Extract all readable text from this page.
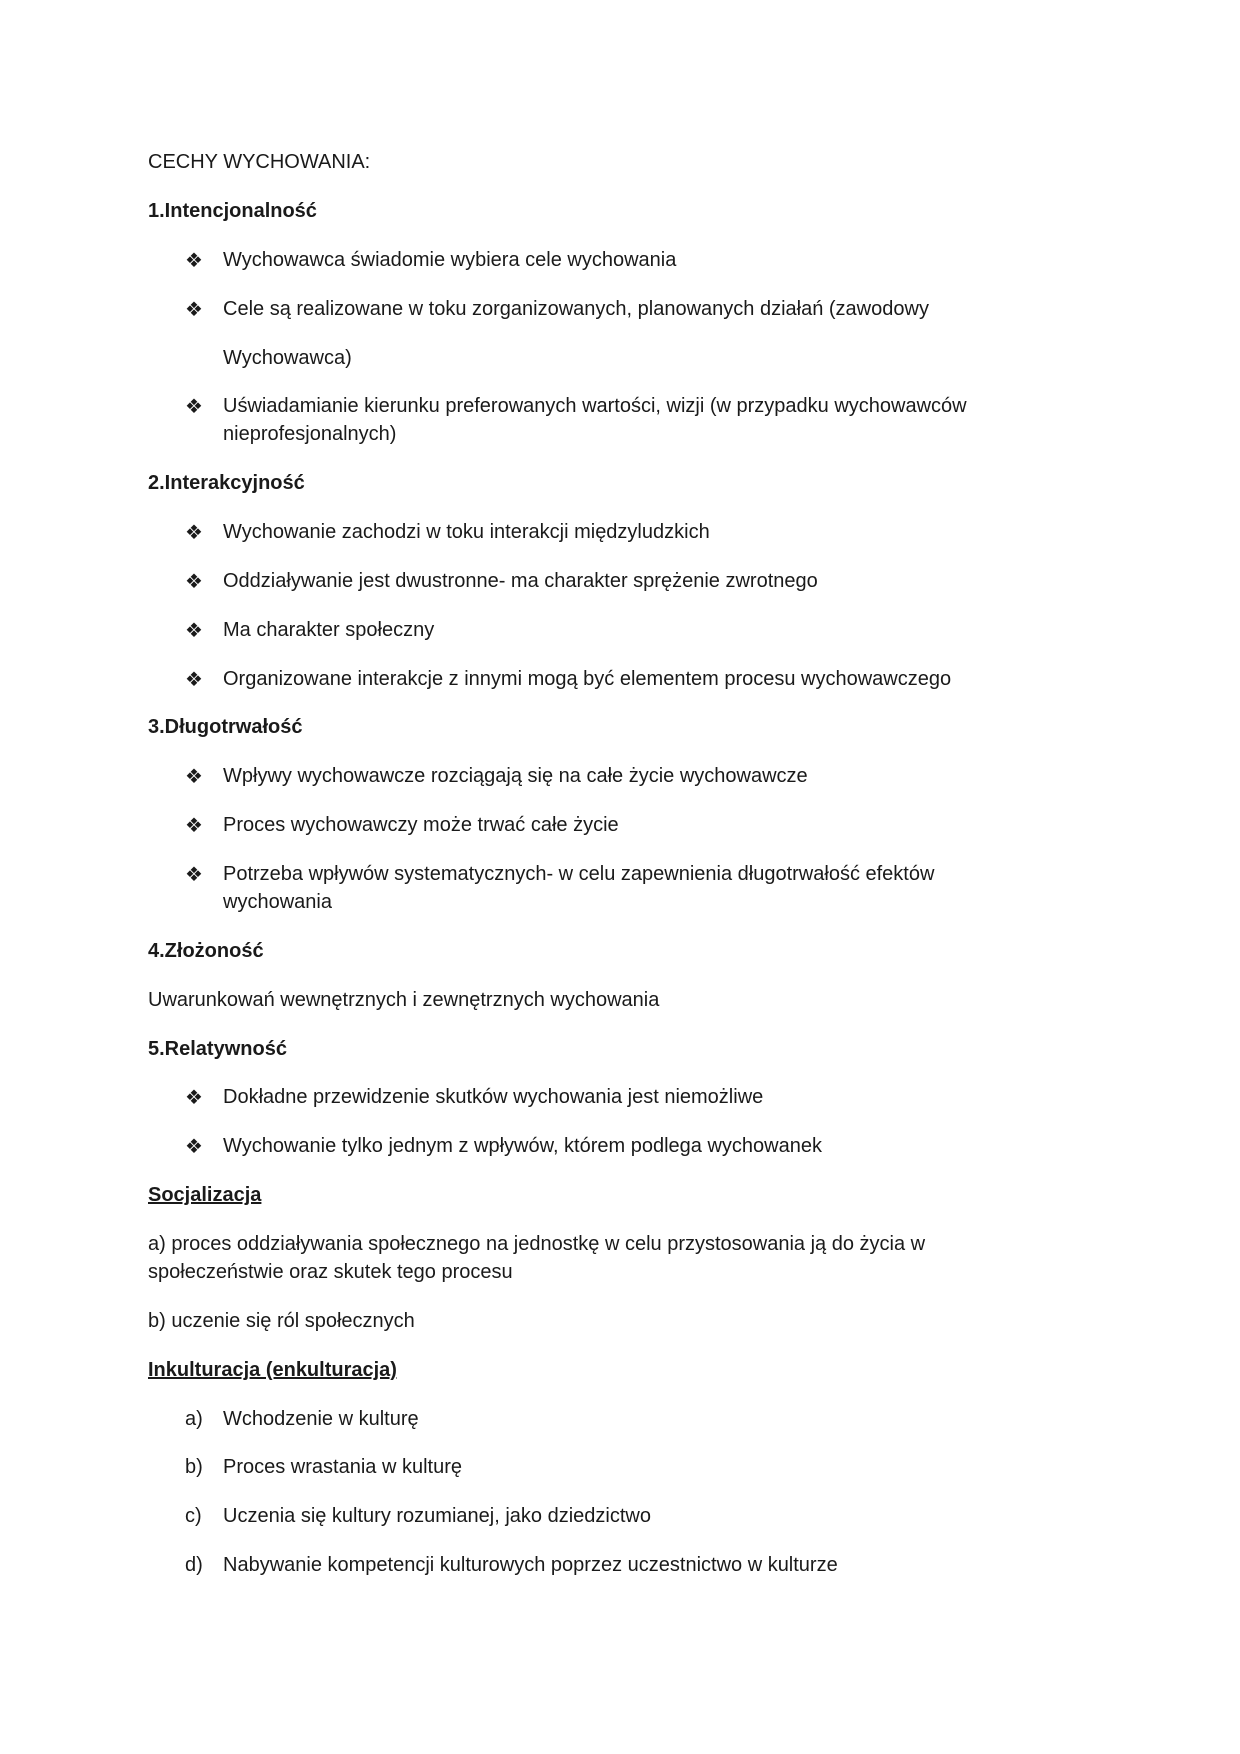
CECHY WYCHOWANIA:
1.Intencjonalność
❖ Wychowawca świadomie wybiera cele wychowania
❖ Cele są realizowane w toku zorganizowanych, planowanych działań (zawodowy
Wychowawca)
❖ Uświadamianie kierunku preferowanych wartości, wizji (w przypadku wychowawców
nieprofesjonalnych)
2.Interakcyjność
❖ Wychowanie zachodzi w toku interakcji międzyludzkich
❖ Oddziaływanie jest dwustronne- ma charakter sprężenie zwrotnego
❖ Ma charakter społeczny
❖ Organizowane interakcje z innymi mogą być elementem procesu wychowawczego
3.Długotrwałość
❖ Wpływy wychowawcze rozciągają się na całe życie wychowawcze
❖ Proces wychowawczy może trwać całe życie
❖ Potrzeba wpływów systematycznych- w celu zapewnienia długotrwałość efektów
wychowania
4.Złożoność
Uwarunkowań wewnętrznych i zewnętrznych wychowania
5.Relatywność
❖ Dokładne przewidzenie skutków wychowania jest niemożliwe
❖ Wychowanie tylko jednym z wpływów, którem podlega wychowanek
Socjalizacja
a) proces oddziaływania społecznego na jednostkę w celu przystosowania ją do życia w
społeczeństwie oraz skutek tego procesu
b) uczenie się ról społecznych
Inkulturacja (enkulturacja)
a) Wchodzenie w kulturę
b) Proces wrastania w kulturę
c) Uczenia się kultury rozumianej, jako dziedzictwo
d) Nabywanie kompetencji kulturowych poprzez uczestnictwo w kulturze
